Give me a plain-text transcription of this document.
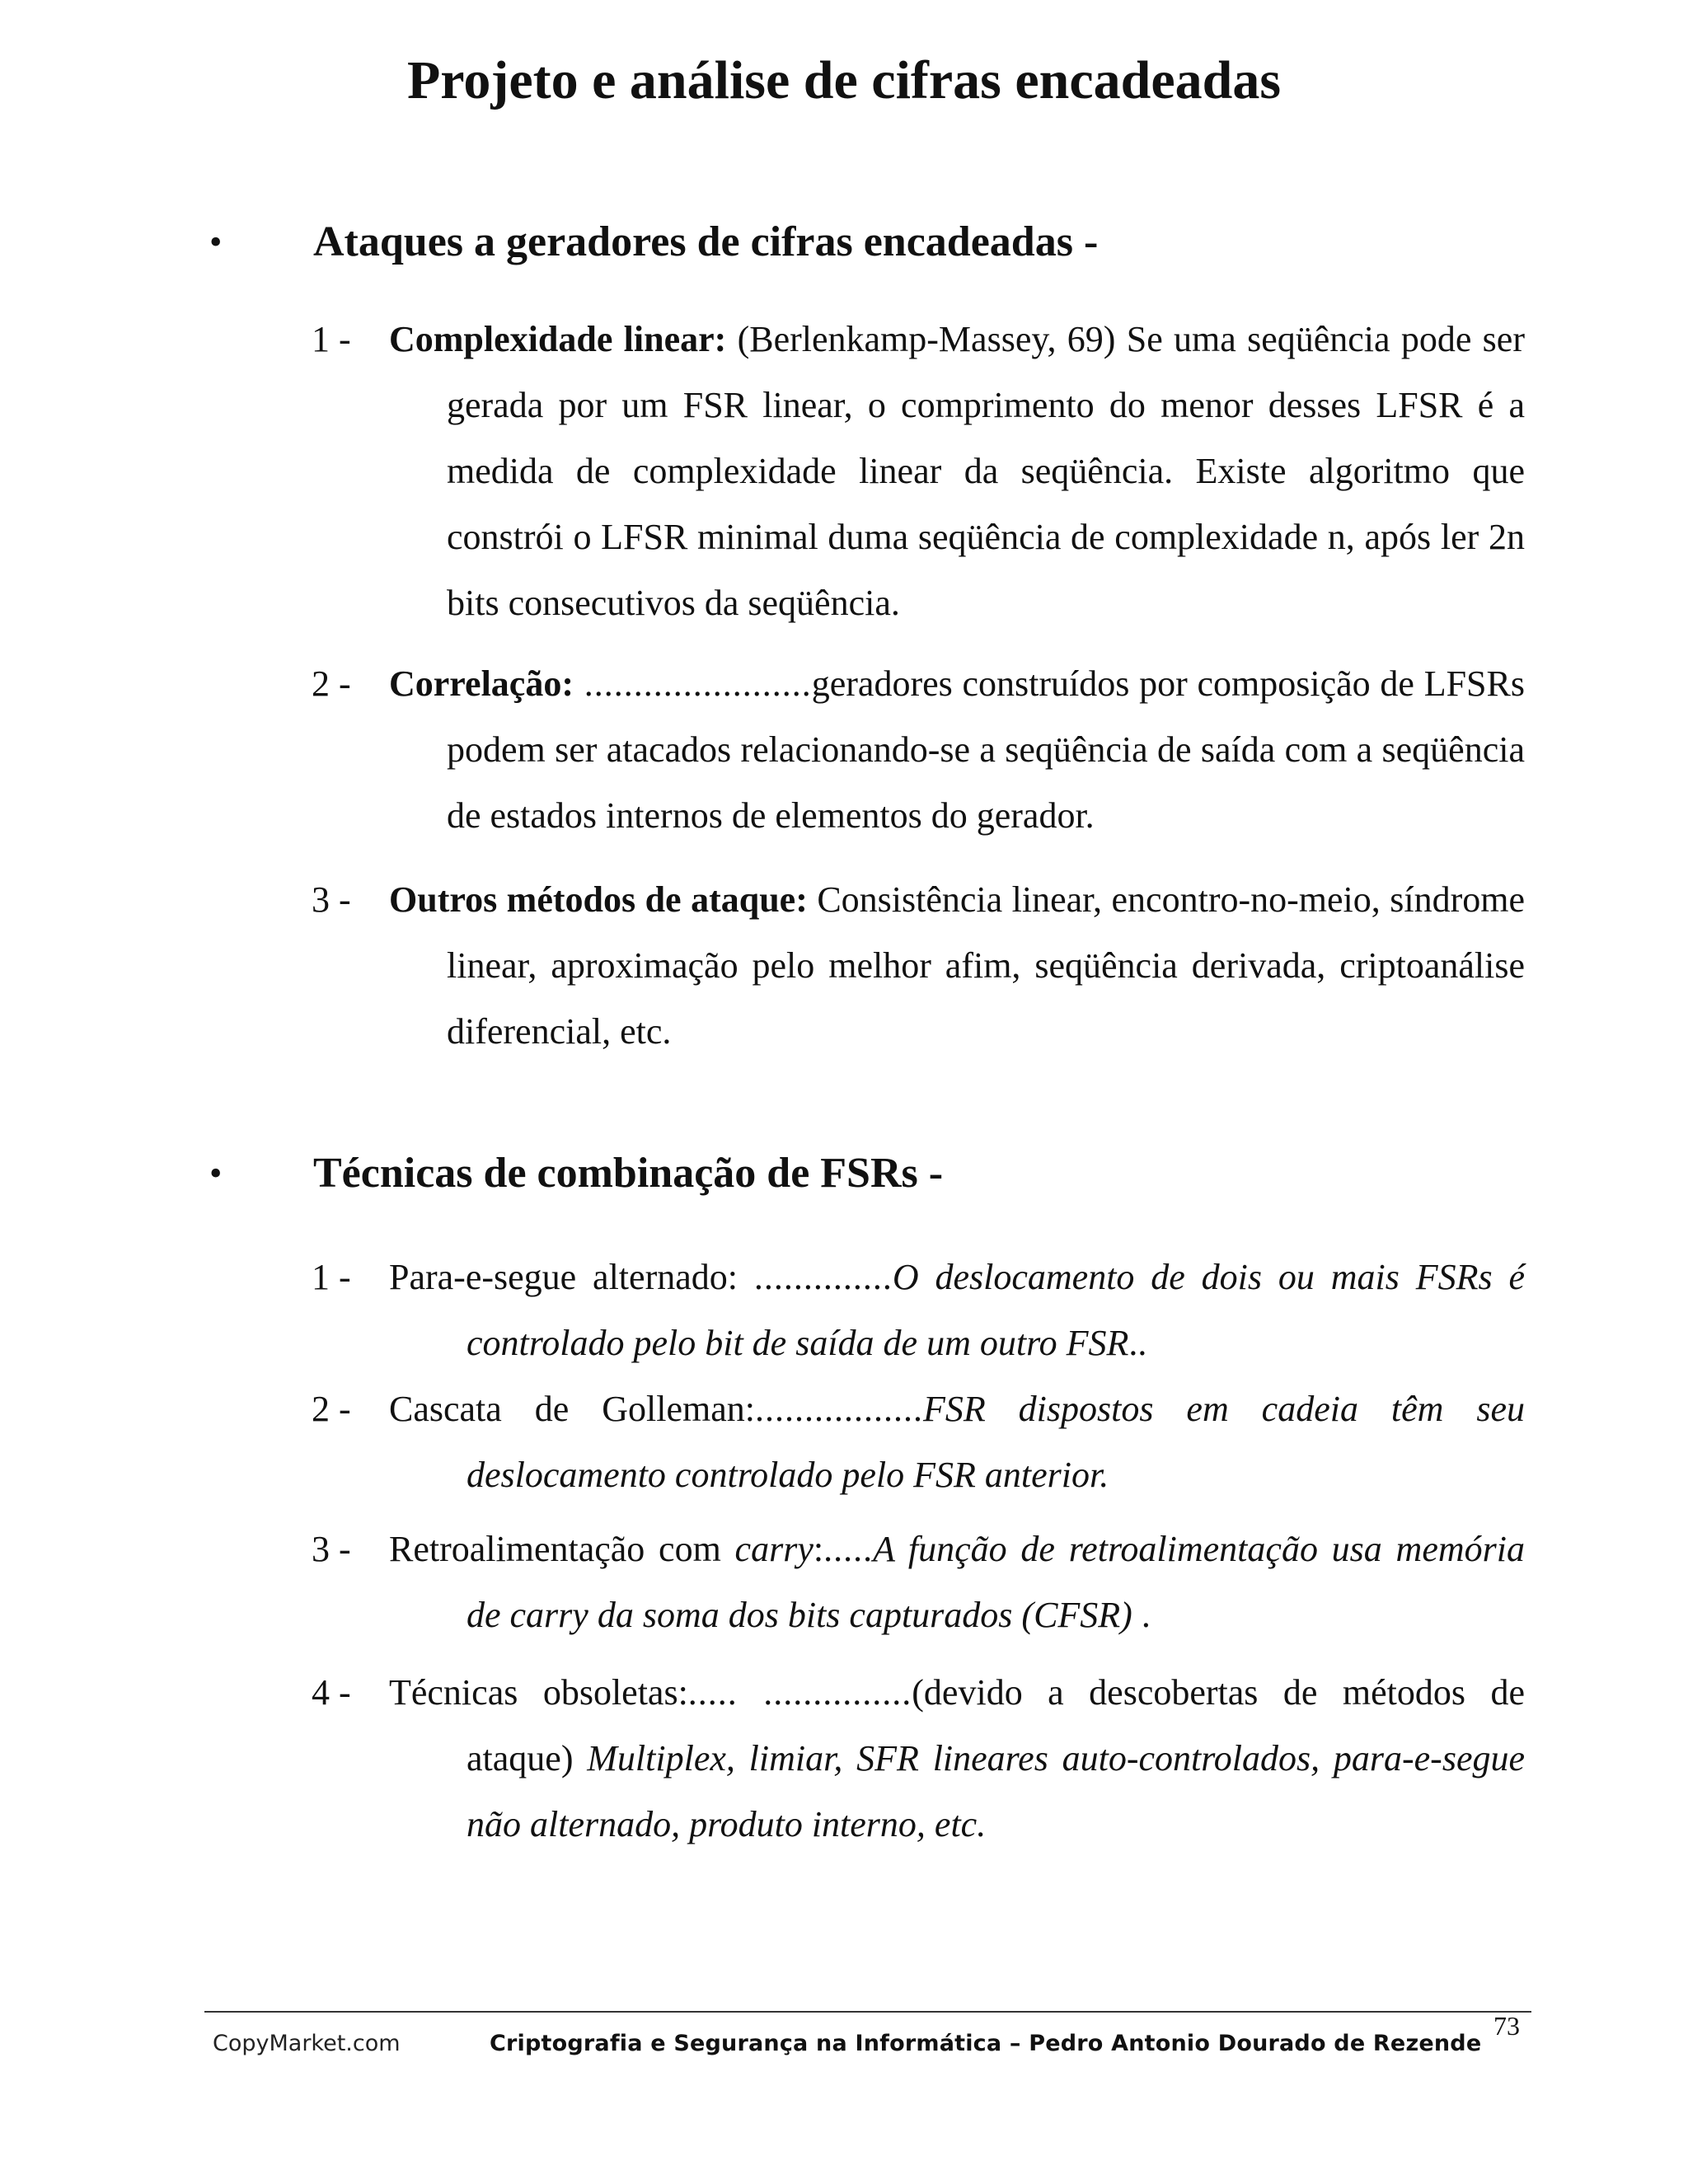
Projeto e análise de cifras encadeadas
• Ataques a geradores de cifras encadeadas -
1 - Complexidade linear: (Berlenkamp-Massey, 69) Se uma seqüência pode ser gerada por um FSR linear, o comprimento do menor desses LFSR é a medida de complexidade linear da seqüência. Existe algoritmo que constrói o LFSR minimal duma seqüência de complexidade n, após ler 2n bits consecutivos da seqüência.
2 - Correlação: .......................geradores construídos por composição de LFSRs podem ser atacados relacionando-se a seqüência de saída com a seqüência de estados internos de elementos do gerador.
3 - Outros métodos de ataque: Consistência linear, encontro-no-meio, síndrome linear, aproximação pelo melhor afim, seqüência derivada, criptoanálise diferencial, etc.
• Técnicas de combinação de FSRs -
1 - Para-e-segue alternado: ..............O deslocamento de dois ou mais FSRs é controlado pelo bit de saída de um outro FSR..
2 - Cascata de Golleman:.................FSR dispostos em cadeia têm seu deslocamento controlado pelo FSR anterior.
3 - Retroalimentação com carry:.....A função de retroalimentação usa memória de carry da soma dos bits capturados (CFSR) .
4 - Técnicas obsoletas:..... ...............(devido a descobertas de métodos de ataque) Multiplex, limiar, SFR lineares auto-controlados, para-e-segue não alternado, produto interno, etc.
73
CopyMarket.com	Criptografia e Segurança na Informática – Pedro Antonio Dourado de Rezende
